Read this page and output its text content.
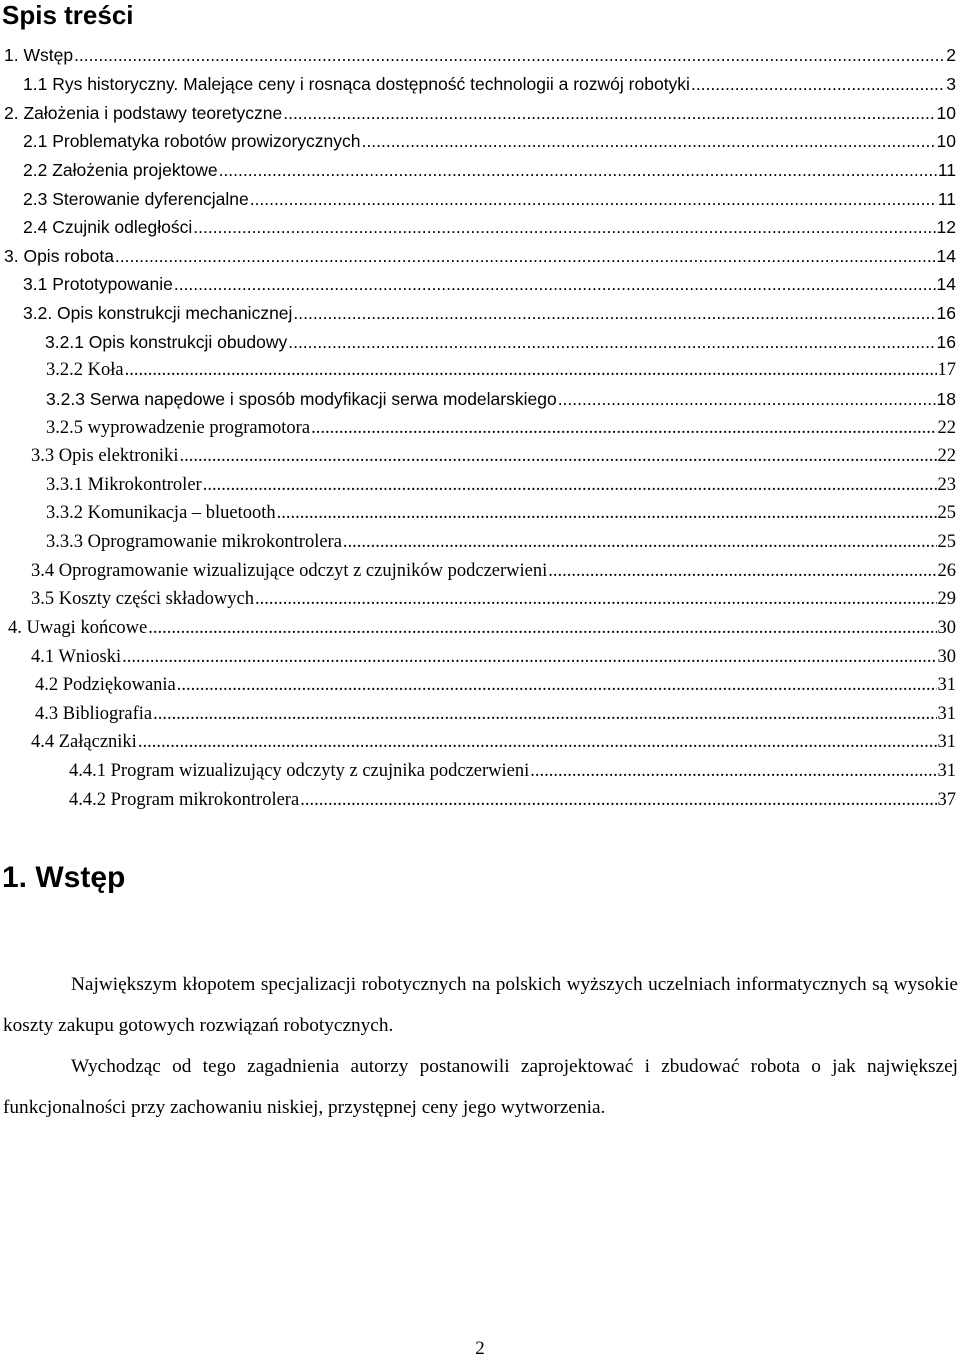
Spis treści
1. Wstęp .....	2
1.1 Rys historyczny. Malejące ceny i rosnąca dostępność technologii a rozwój robotyki .....	3
2. Założenia i podstawy teoretyczne .....	10
2.1 Problematyka robotów prowizorycznych .....	10
2.2 Założenia projektowe .....	11
2.3 Sterowanie dyferencjalne .....	11
2.4 Czujnik odległości .....	12
3. Opis robota .....	14
3.1 Prototypowanie .....	14
3.2. Opis konstrukcji mechanicznej .....	16
3.2.1 Opis konstrukcji obudowy .....	16
3.2.2 Koła .....	17
3.2.3 Serwa napędowe i sposób modyfikacji serwa modelarskiego .....	18
3.2.5 wyprowadzenie programotora .....	22
3.3 Opis elektroniki .....	22
3.3.1 Mikrokontroler .....	23
3.3.2 Komunikacja – bluetooth .....	25
3.3.3 Oprogramowanie mikrokontrolera .....	25
3.4 Oprogramowanie wizualizujące odczyt z czujników podczerwieni .....	26
3.5 Koszty części składowych .....	29
4. Uwagi końcowe .....	30
4.1 Wnioski .....	30
4.2 Podziękowania .....	31
4.3 Bibliografia .....	31
4.4 Załączniki .....	31
4.4.1 Program wizualizujący odczyty z czujnika podczerwieni .....	31
4.4.2 Program mikrokontrolera .....	37
1. Wstęp

Największym kłopotem specjalizacji robotycznych na polskich wyższych uczelniach informatycznych są wysokie koszty zakupu gotowych rozwiązań robotycznych.

Wychodząc od tego zagadnienia autorzy postanowili zaprojektować i zbudować robota o jak największej funkcjonalności przy zachowaniu niskiej, przystępnej ceny jego wytworzenia.

2
